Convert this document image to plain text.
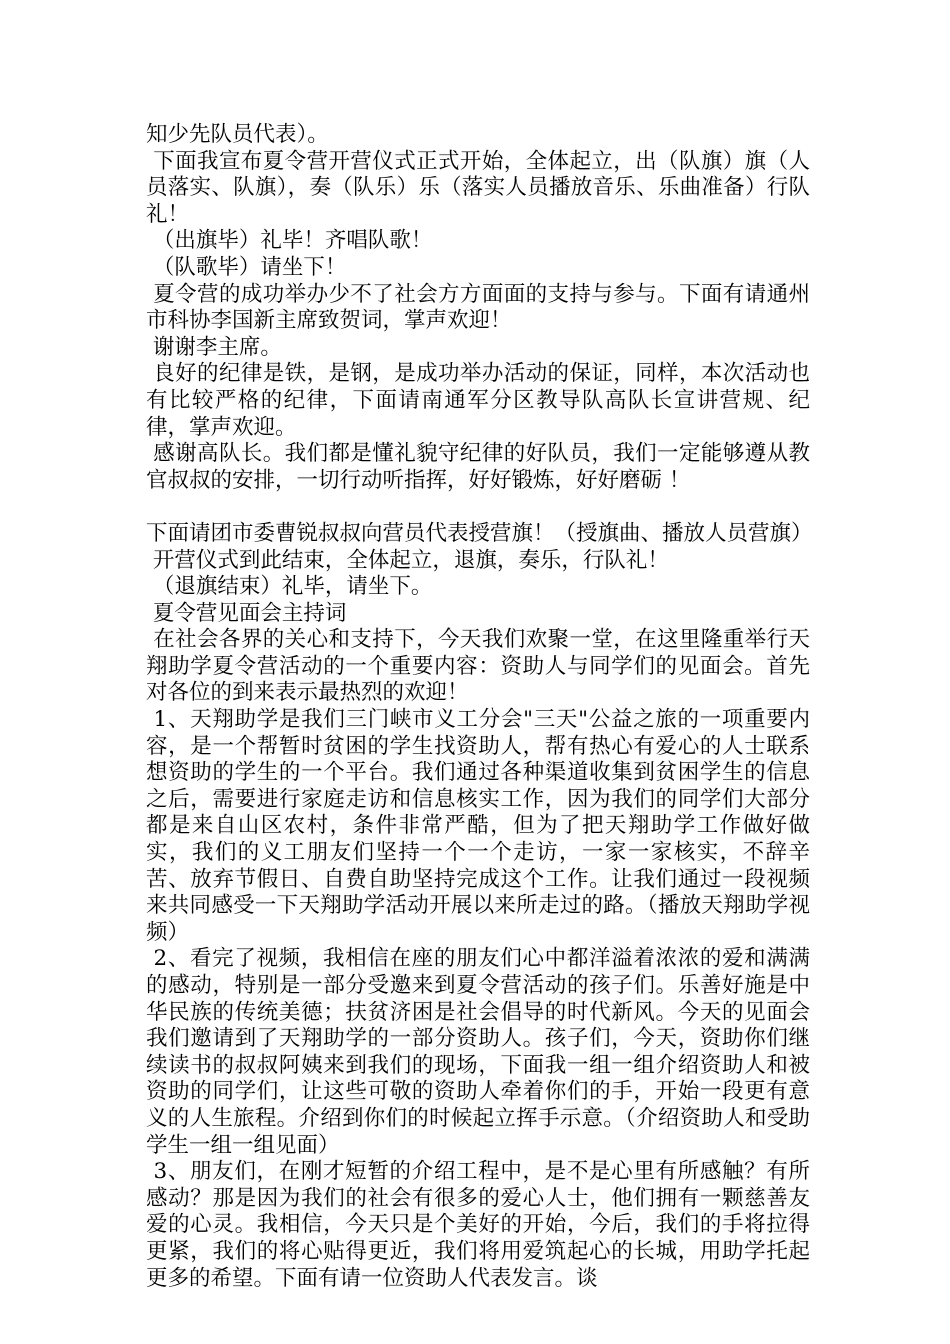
知少先队员代表）。

下面我宣布夏令营开营仪式正式开始，全体起立，出（队旗）旗（人员落实、队旗），奏（队乐）乐（落实人员播放音乐、乐曲准备）行队礼！

（出旗毕）礼毕！齐唱队歌！

（队歌毕）请坐下！

夏令营的成功举办少不了社会方方面面的支持与参与。下面有请通州市科协李国新主席致贺词，掌声欢迎！

谢谢李主席。

良好的纪律是铁，是钢，是成功举办活动的保证，同样，本次活动也有比较严格的纪律，下面请南通军分区教导队高队长宣讲营规、纪律，掌声欢迎。

感谢高队长。我们都是懂礼貌守纪律的好队员，我们一定能够遵从教官叔叔的安排，一切行动听指挥，好好锻炼，好好磨砺 ！

下面请团市委曹锐叔叔向营员代表授营旗！（授旗曲、播放人员营旗）

开营仪式到此结束，全体起立，退旗，奏乐，行队礼！

（退旗结束）礼毕，请坐下。

夏令营见面会主持词

在社会各界的关心和支持下，今天我们欢聚一堂，在这里隆重举行天翔助学夏令营活动的一个重要内容：资助人与同学们的见面会。首先对各位的到来表示最热烈的欢迎！

1、天翔助学是我们三门峡市义工分会"三天"公益之旅的一项重要内容，是一个帮暂时贫困的学生找资助人，帮有热心有爱心的人士联系想资助的学生的一个平台。我们通过各种渠道收集到贫困学生的信息之后，需要进行家庭走访和信息核实工作，因为我们的同学们大部分都是来自山区农村，条件非常严酷，但为了把天翔助学工作做好做实，我们的义工朋友们坚持一个一个走访，一家一家核实，不辞辛苦、放弃节假日、自费自助坚持完成这个工作。让我们通过一段视频来共同感受一下天翔助学活动开展以来所走过的路。（播放天翔助学视频）

2、看完了视频，我相信在座的朋友们心中都洋溢着浓浓的爱和满满的感动，特别是一部分受邀来到夏令营活动的孩子们。乐善好施是中华民族的传统美德；扶贫济困是社会倡导的时代新风。今天的见面会我们邀请到了天翔助学的一部分资助人。孩子们，今天，资助你们继续读书的叔叔阿姨来到我们的现场，下面我一组一组介绍资助人和被资助的同学们，让这些可敬的资助人牵着你们的手，开始一段更有意义的人生旅程。介绍到你们的时候起立挥手示意。（介绍资助人和受助学生一组一组见面）

3、朋友们，在刚才短暂的介绍工程中，是不是心里有所感触？有所感动？那是因为我们的社会有很多的爱心人士，他们拥有一颗慈善友爱的心灵。我相信，今天只是个美好的开始，今后，我们的手将拉得更紧，我们的将心贴得更近，我们将用爱筑起心的长城，用助学托起更多的希望。下面有请一位资助人代表发言。谈
